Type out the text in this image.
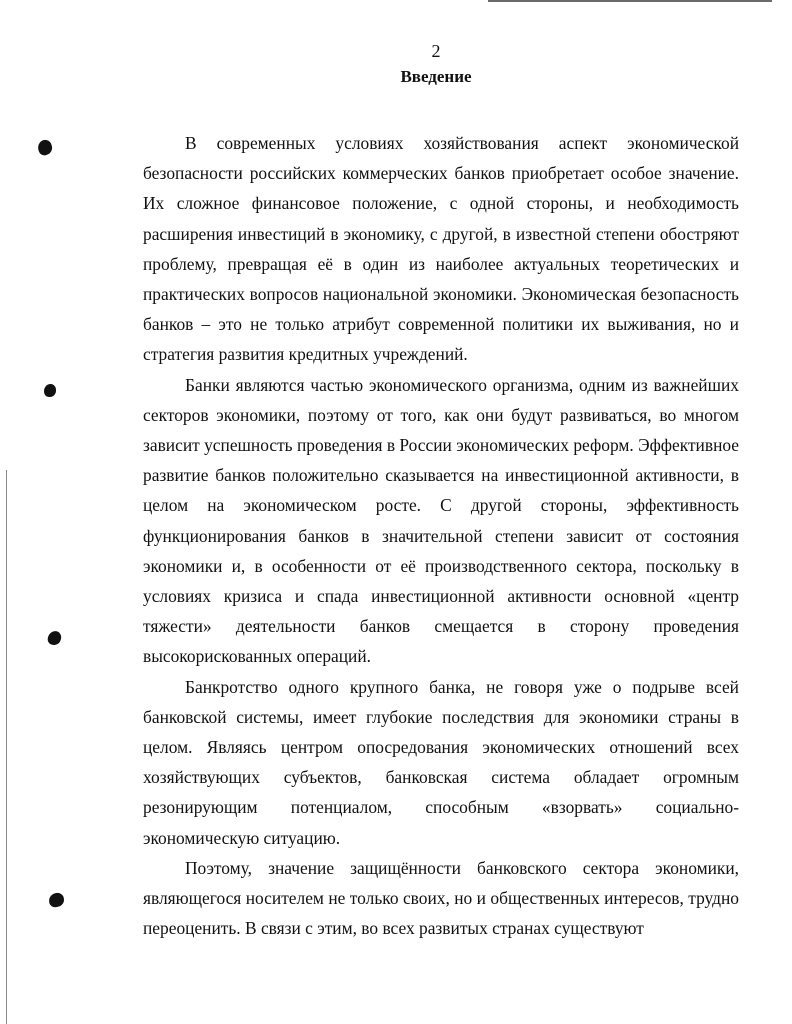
2
Введение

В современных условиях хозяйствования аспект экономической безопасности российских коммерческих банков приобретает особое значение. Их сложное финансовое положение, с одной стороны, и необходимость расширения инвестиций в экономику, с другой, в известной степени обостряют проблему, превращая её в один из наиболее актуальных теоретических и практических вопросов национальной экономики. Экономическая безопасность банков – это не только атрибут современной политики их выживания, но и стратегия развития кредитных учреждений.

Банки являются частью экономического организма, одним из важнейших секторов экономики, поэтому от того, как они будут развиваться, во многом зависит успешность проведения в России экономических реформ. Эффективное развитие банков положительно сказывается на инвестиционной активности, в целом на экономическом росте. С другой стороны, эффективность функционирования банков в значительной степени зависит от состояния экономики и, в особенности от её производственного сектора, поскольку в условиях кризиса и спада инвестиционной активности основной «центр тяжести» деятельности банков смещается в сторону проведения высокорискованных операций.

Банкротство одного крупного банка, не говоря уже о подрыве всей банковской системы, имеет глубокие последствия для экономики страны в целом. Являясь центром опосредования экономических отношений всех хозяйствующих субъектов, банковская система обладает огромным резонирующим потенциалом, способным «взорвать» социально-экономическую ситуацию.

Поэтому, значение защищённости банковского сектора экономики, являющегося носителем не только своих, но и общественных интересов, трудно переоценить. В связи с этим, во всех развитых странах существуют
